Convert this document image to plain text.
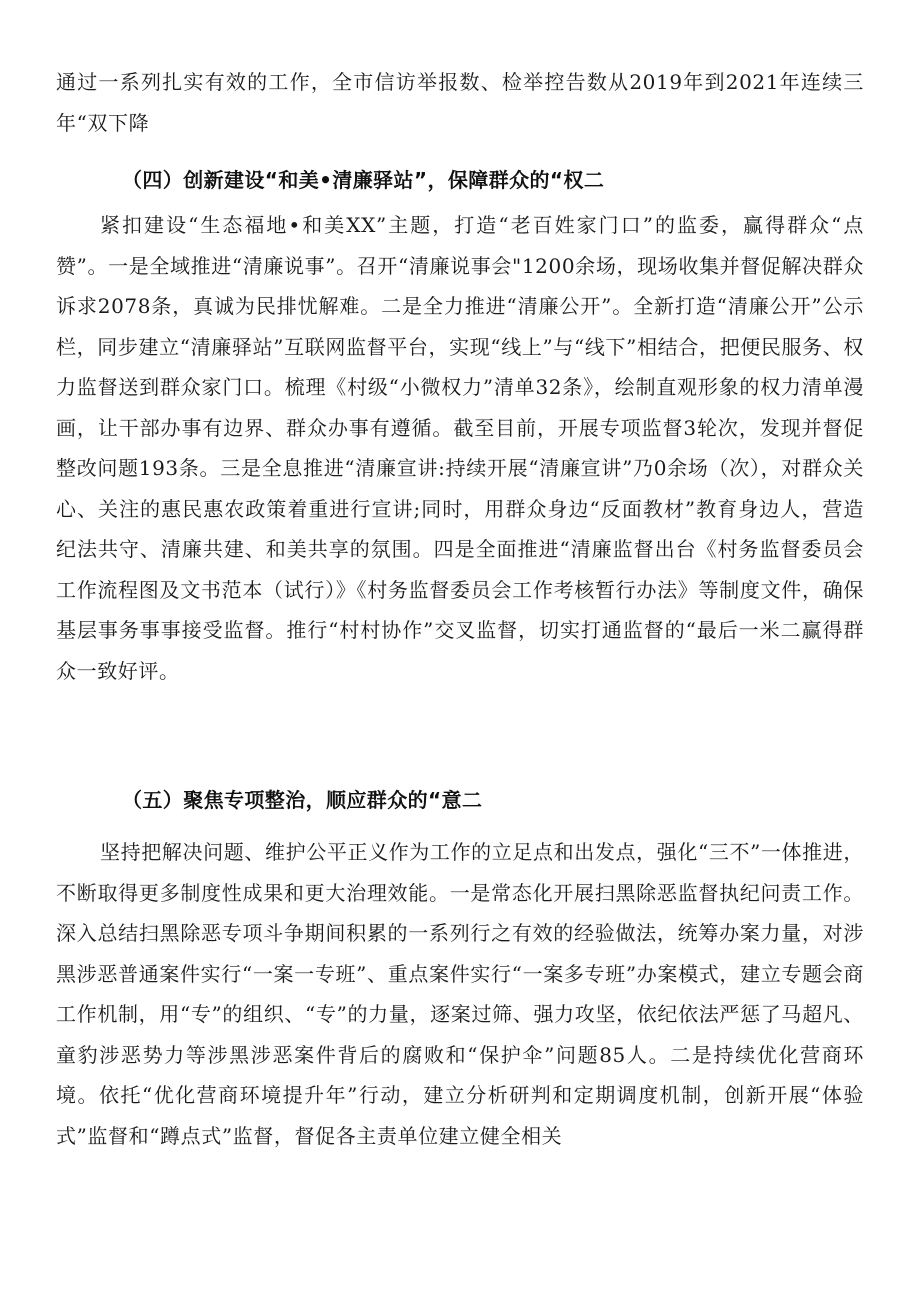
通过一系列扎实有效的工作，全市信访举报数、检举控告数从2019年到2021年连续三年“双下降

（四）创新建设“和美•清廉驿站”，保障群众的“权二

紧扣建设“生态福地•和美XX”主题，打造“老百姓家门口”的监委，赢得群众“点赞”。一是全域推进“清廉说事”。召开“清廉说事会"1200余场，现场收集并督促解决群众诉求2078条，真诚为民排忧解难。二是全力推进“清廉公开”。全新打造“清廉公开”公示栏，同步建立“清廉驿站”互联网监督平台，实现“线上”与“线下”相结合，把便民服务、权力监督送到群众家门口。梳理《村级“小微权力”清单32条》，绘制直观形象的权力清单漫画，让干部办事有边界、群众办事有遵循。截至目前，开展专项监督3轮次，发现并督促整改问题193条。三是全息推进“清廉宣讲:持续开展“清廉宣讲”乃0余场（次），对群众关心、关注的惠民惠农政策着重进行宣讲;同时，用群众身边“反面教材”教育身边人，营造纪法共守、清廉共建、和美共享的氛围。四是全面推进“清廉监督出台《村务监督委员会工作流程图及文书范本（试行）》《村务监督委员会工作考核暂行办法》等制度文件，确保基层事务事事接受监督。推行“村村协作”交叉监督，切实打通监督的“最后一米二赢得群众一致好评。

（五）聚焦专项整治，顺应群众的“意二

坚持把解决问题、维护公平正义作为工作的立足点和出发点，强化“三不”一体推进，不断取得更多制度性成果和更大治理效能。一是常态化开展扫黑除恶监督执纪问责工作。深入总结扫黑除恶专项斗争期间积累的一系列行之有效的经验做法，统筹办案力量，对涉黑涉恶普通案件实行“一案一专班”、重点案件实行“一案多专班”办案模式，建立专题会商工作机制，用“专”的组织、“专”的力量，逐案过筛、强力攻坚，依纪依法严惩了马超凡、童豹涉恶势力等涉黑涉恶案件背后的腐败和“保护伞”问题85人。二是持续优化营商环境。依托“优化营商环境提升年”行动，建立分析研判和定期调度机制，创新开展“体验式”监督和“蹲点式”监督，督促各主责单位建立健全相关
